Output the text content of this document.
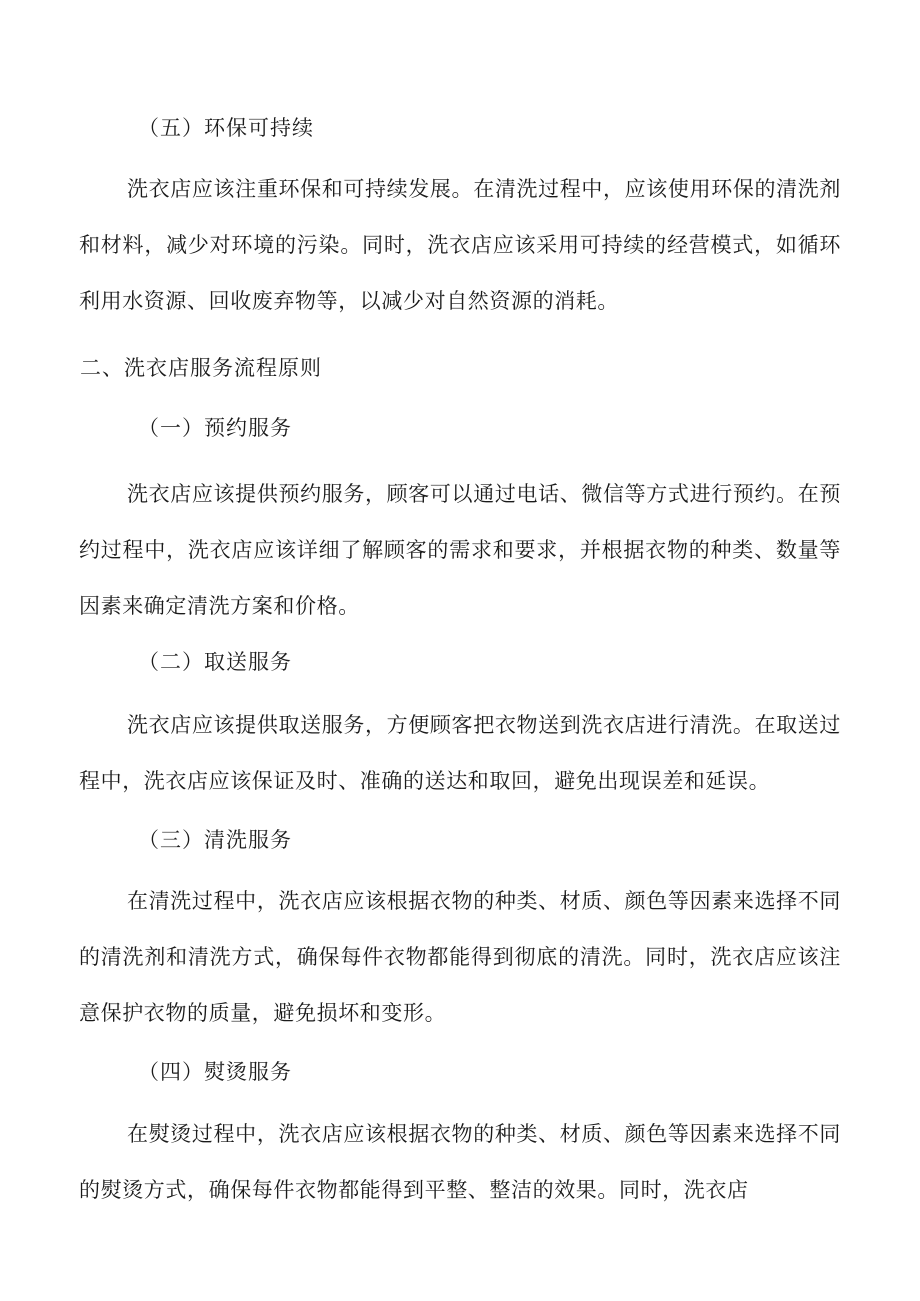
（五）环保可持续

洗衣店应该注重环保和可持续发展。在清洗过程中，应该使用环保的清洗剂和材料，减少对环境的污染。同时，洗衣店应该采用可持续的经营模式，如循环利用水资源、回收废弃物等，以减少对自然资源的消耗。

二、洗衣店服务流程原则
（一）预约服务

洗衣店应该提供预约服务，顾客可以通过电话、微信等方式进行预约。在预约过程中，洗衣店应该详细了解顾客的需求和要求，并根据衣物的种类、数量等因素来确定清洗方案和价格。

（二）取送服务

洗衣店应该提供取送服务，方便顾客把衣物送到洗衣店进行清洗。在取送过程中，洗衣店应该保证及时、准确的送达和取回，避免出现误差和延误。

（三）清洗服务

在清洗过程中，洗衣店应该根据衣物的种类、材质、颜色等因素来选择不同的清洗剂和清洗方式，确保每件衣物都能得到彻底的清洗。同时，洗衣店应该注意保护衣物的质量，避免损坏和变形。

（四）熨烫服务

在熨烫过程中，洗衣店应该根据衣物的种类、材质、颜色等因素来选择不同的熨烫方式，确保每件衣物都能得到平整、整洁的效果。同时，洗衣店
